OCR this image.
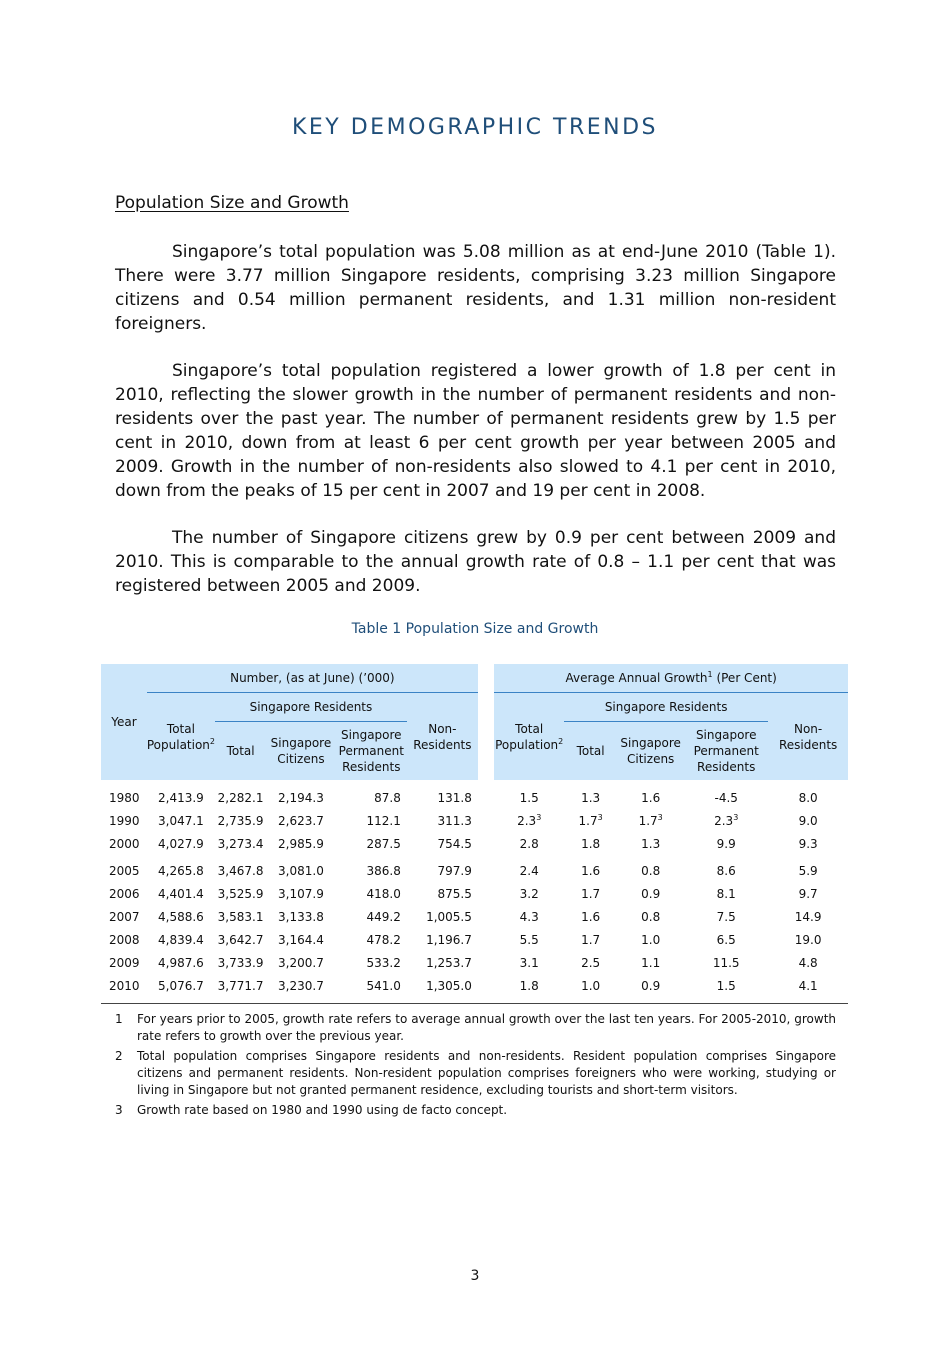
KEY DEMOGRAPHIC TRENDS
Population Size and Growth

Singapore’s total population was 5.08 million as at end-June 2010 (Table 1). There were 3.77 million Singapore residents, comprising 3.23 million Singapore citizens and 0.54 million permanent residents, and 1.31 million non-resident foreigners.

Singapore’s total population registered a lower growth of 1.8 per cent in 2010, reflecting the slower growth in the number of permanent residents and non-residents over the past year. The number of permanent residents grew by 1.5 per cent in 2010, down from at least 6 per cent growth per year between 2005 and 2009. Growth in the number of non-residents also slowed to 4.1 per cent in 2010, down from the peaks of 15 per cent in 2007 and 19 per cent in 2008.

The number of Singapore citizens grew by 0.9 per cent between 2009 and 2010. This is comparable to the annual growth rate of 0.8 – 1.1 per cent that was registered between 2005 and 2009.

Table 1 Population Size and Growth
Year	Number, (as at June) (’000)						Average Annual Growth$^1$ (Per Cent)				
	Total Population$^2$	Singapore Residents			Non-Residents		Total Population$^2$	Singapore Residents			Non-Residents
		Total	Singapore Citizens	Singapore Permanent Residents				Total	Singapore Citizens	Singapore Permanent Residents	
1980	2,413.9	2,282.1	2,194.3	87.8	131.8		1.5	1.3	1.6	-4.5	8.0
1990	3,047.1	2,735.9	2,623.7	112.1	311.3		$2.3^3$	$1.7^3$	$1.7^3$	$2.3^3$	9.0
2000	4,027.9	3,273.4	2,985.9	287.5	754.5		2.8	1.8	1.3	9.9	9.3

2005	4,265.8	3,467.8	3,081.0	386.8	797.9		2.4	1.6	0.8	8.6	5.9
2006	4,401.4	3,525.9	3,107.9	418.0	875.5		3.2	1.7	0.9	8.1	9.7
2007	4,588.6	3,583.1	3,133.8	449.2	1,005.5		4.3	1.6	0.8	7.5	14.9
2008	4,839.4	3,642.7	3,164.4	478.2	1,196.7		5.5	1.7	1.0	6.5	19.0
2009	4,987.6	3,733.9	3,200.7	533.2	1,253.7		3.1	2.5	1.1	11.5	4.8
2010	5,076.7	3,771.7	3,230.7	541.0	1,305.0		1.8	1.0	0.9	1.5	4.1
1	For years prior to 2005, growth rate refers to average annual growth over the last ten years. For 2005-2010, growth rate refers to growth over the previous year.
2	Total population comprises Singapore residents and non-residents. Resident population comprises Singapore citizens and permanent residents. Non-resident population comprises foreigners who were working, studying or living in Singapore but not granted permanent residence, excluding tourists and short-term visitors.
3	Growth rate based on 1980 and 1990 using de facto concept.
3
